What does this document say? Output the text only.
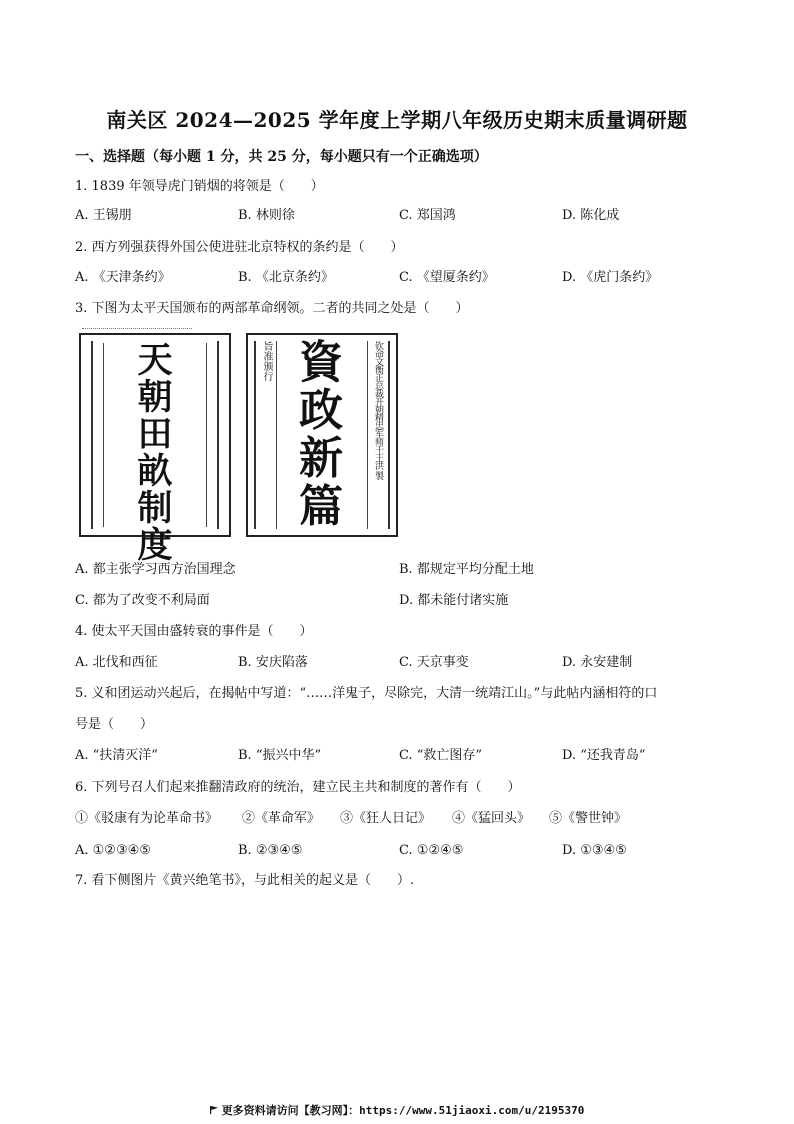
南关区 2024—2025 学年度上学期八年级历史期末质量调研题
一、选择题（每小题 1 分，共 25 分，每小题只有一个正确选项）
1. 1839 年领导虎门销烟的将领是（　　）
A. 王锡朋	B. 林则徐	C. 郑国鸿	D. 陈化成
2. 西方列强获得外国公使进驻北京特权的条约是（　　）
A. 《天津条约》	B. 《北京条约》	C. 《望厦条约》	D. 《虎门条约》
3. 下图为太平天国颁布的两部革命纲领。二者的共同之处是（　　）
天
朝
田
畝
制
度
旨准颁行 資
政
新
篇
钦命文衡正总裁开朝精忠军师干王洪 製
A. 都主张学习西方治国理念	B. 都规定平均分配土地
C. 都为了改变不利局面	D. 都未能付诸实施
4. 使太平天国由盛转衰的事件是（　　）
A. 北伐和西征	B. 安庆陷落	C. 天京事变	D. 永安建制
5. 义和团运动兴起后，在揭帖中写道：“……洋鬼子，尽除完，大清一统靖江山。”与此帖内涵相符的口
号是（　　）
A. “扶清灭洋”	B. “振兴中华”	C. “救亡图存”	D. “还我青岛”
6. 下列号召人们起来推翻清政府的统治，建立民主共和制度的著作有（　　）
①《驳康有为论革命书》 ②《革命军》 ③《狂人日记》 ④《猛回头》 ⑤《警世钟》
A. ①②③④⑤	B. ②③④⑤	C. ①②④⑤	D. ①③④⑤
7. 看下侧图片《黄兴绝笔书》，与此相关的起义是（　　）.
更多资料请访问【教习网】：https://www.51jiaoxi.com/u/2195370
